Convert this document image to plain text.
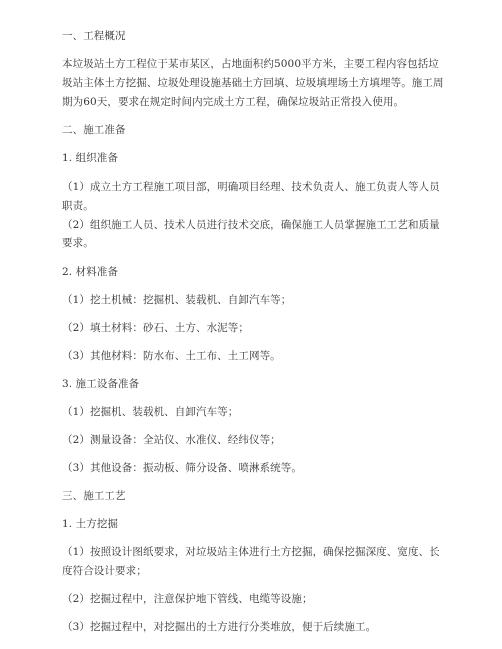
一、工程概况
本垃圾站土方工程位于某市某区，占地面积约5000平方米，主要工程内容包括垃
圾站主体土方挖掘、垃圾处理设施基础土方回填、垃圾填埋场土方填埋等。施工周
期为60天，要求在规定时间内完成土方工程，确保垃圾站正常投入使用。
二、施工准备
1. 组织准备
（1）成立土方工程施工项目部，明确项目经理、技术负责人、施工负责人等人员
职责。
（2）组织施工人员、技术人员进行技术交底，确保施工人员掌握施工工艺和质量
要求。
2. 材料准备
（1）挖土机械：挖掘机、装载机、自卸汽车等；
（2）填土材料：砂石、土方、水泥等；
（3）其他材料：防水布、土工布、土工网等。
3. 施工设备准备
（1）挖掘机、装载机、自卸汽车等；
（2）测量设备：全站仪、水准仪、经纬仪等；
（3）其他设备：振动板、筛分设备、喷淋系统等。
三、施工工艺
1. 土方挖掘
（1）按照设计图纸要求，对垃圾站主体进行土方挖掘，确保挖掘深度、宽度、长
度符合设计要求；
（2）挖掘过程中，注意保护地下管线、电缆等设施；
（3）挖掘过程中，对挖掘出的土方进行分类堆放，便于后续施工。
